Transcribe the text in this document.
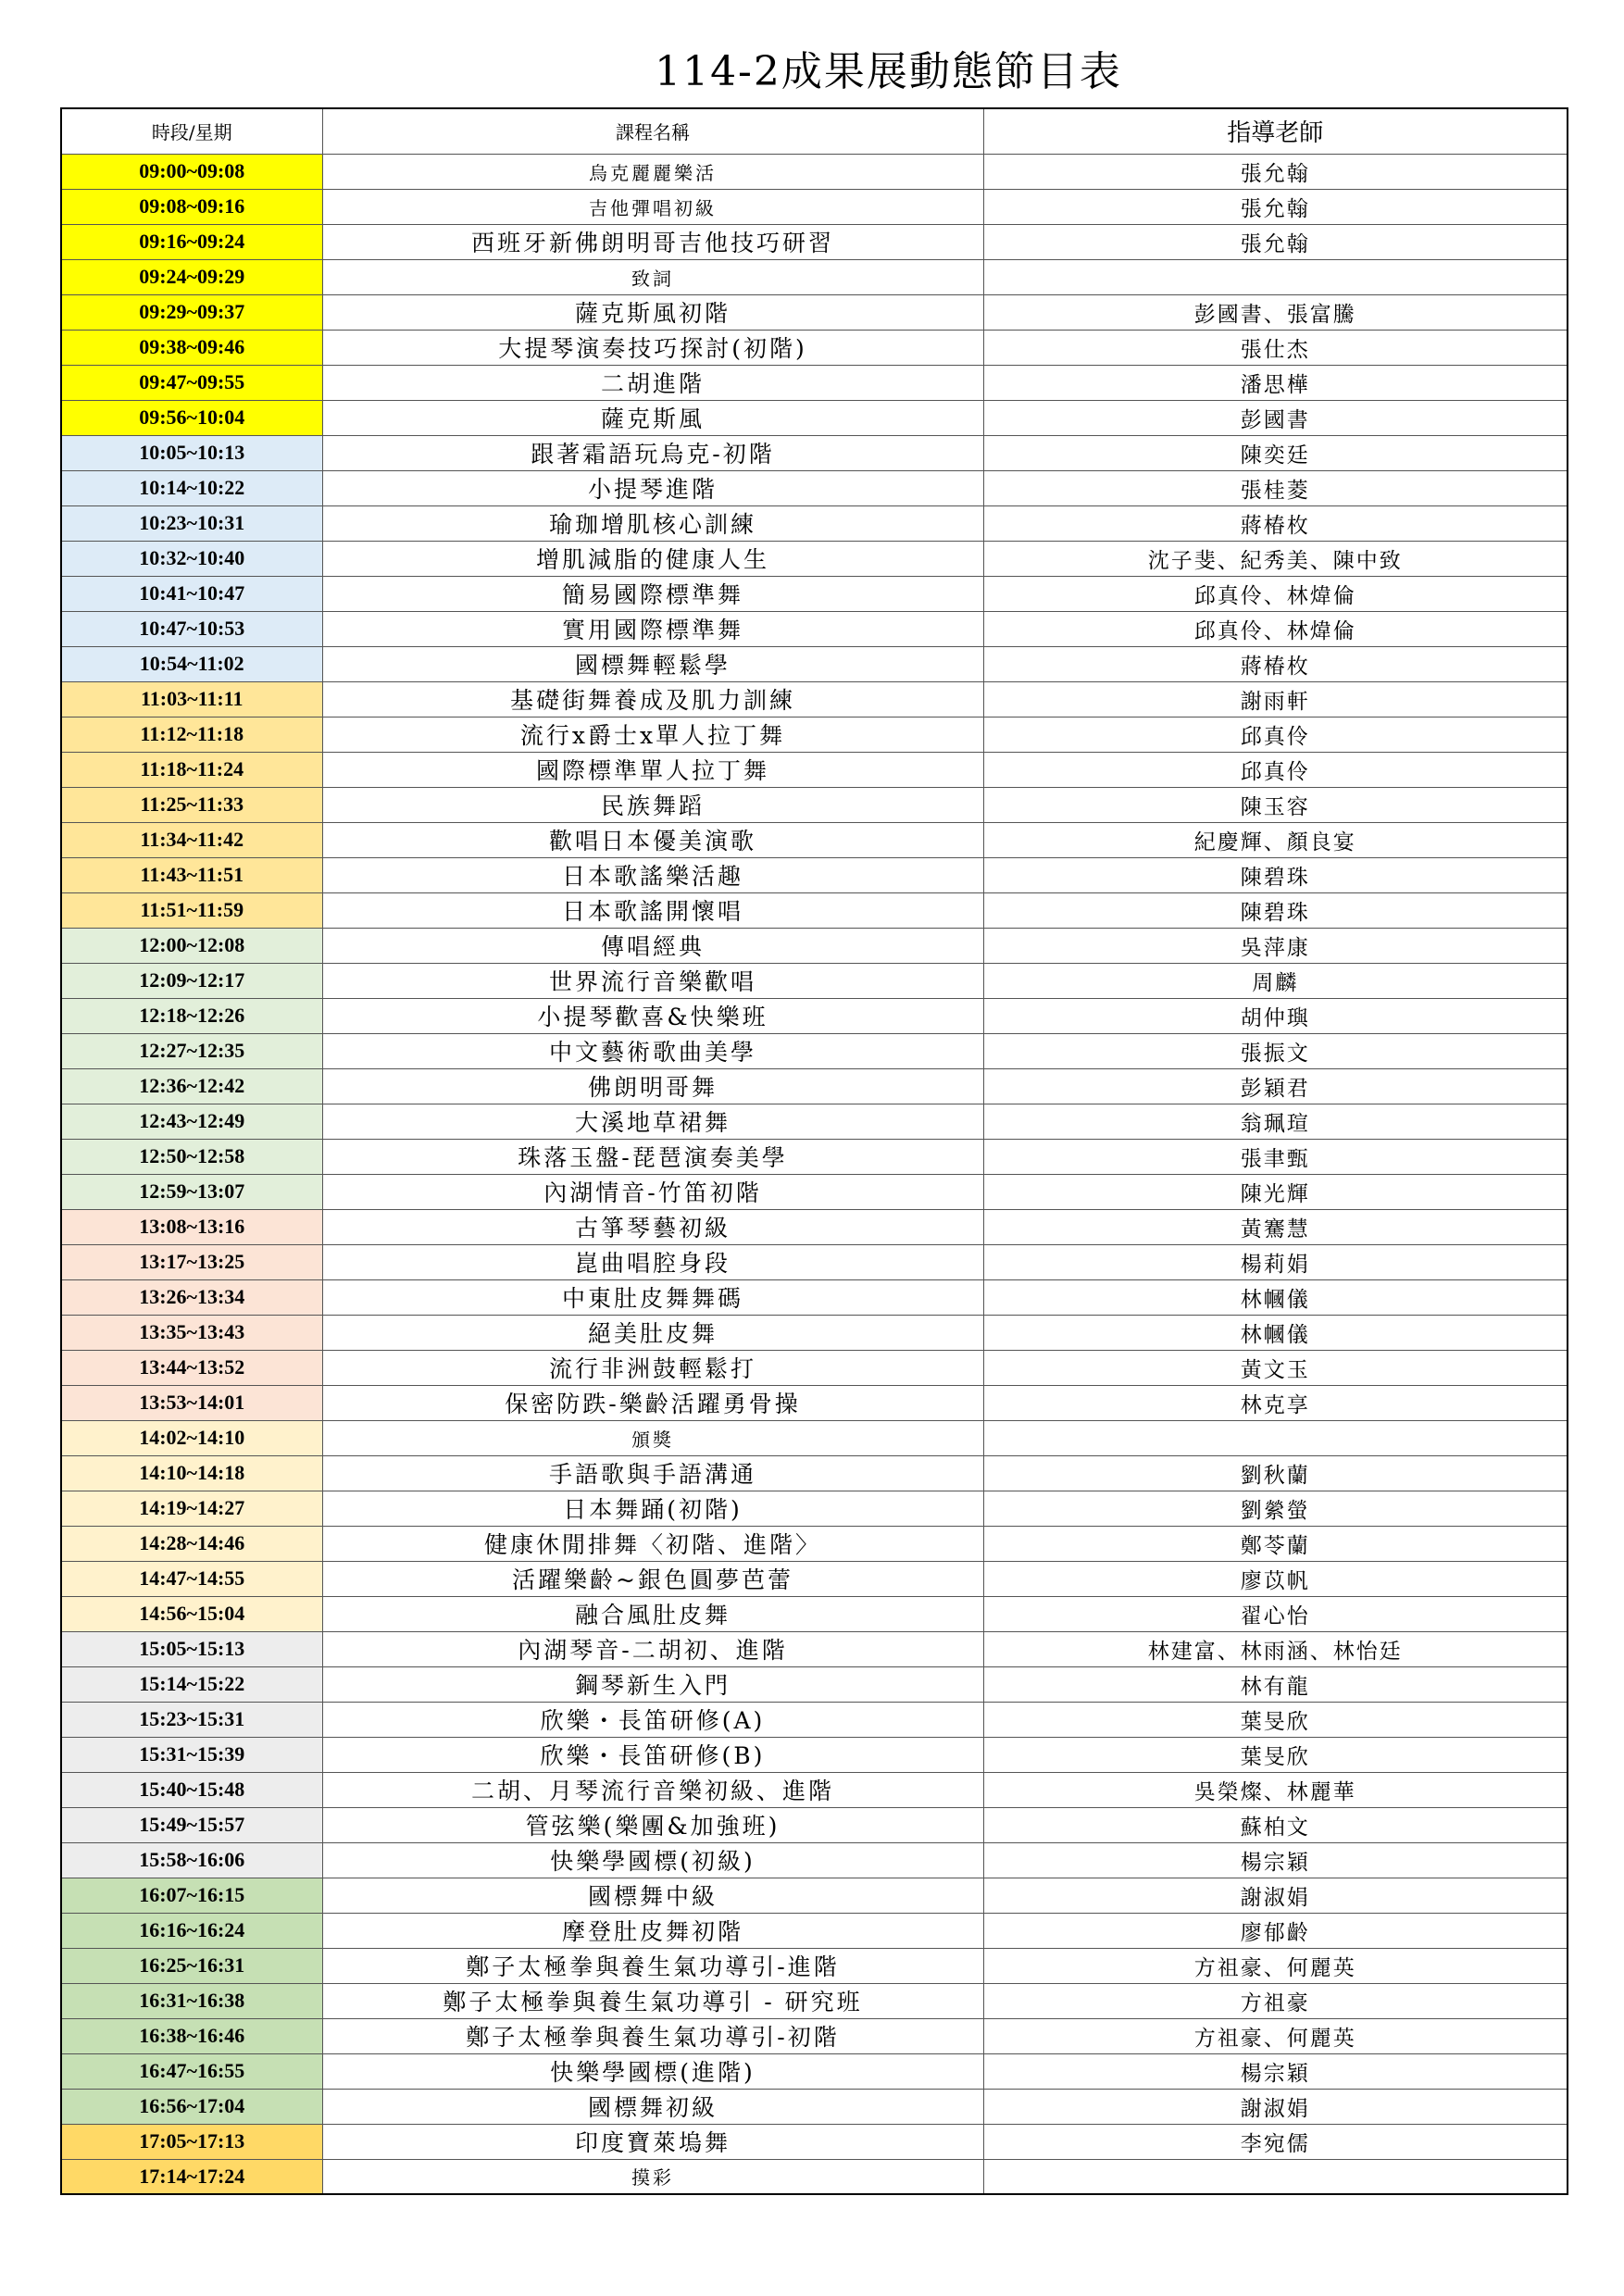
114-2成果展動態節目表
時段/星期	課程名稱	指導老師
09:00~09:08	烏克麗麗樂活	張允翰
09:08~09:16	吉他彈唱初級	張允翰
09:16~09:24	西班牙新佛朗明哥吉他技巧研習	張允翰
09:24~09:29	致詞	
09:29~09:37	薩克斯風初階	彭國書、張富騰
09:38~09:46	大提琴演奏技巧探討(初階)	張仕杰
09:47~09:55	二胡進階	潘思樺
09:56~10:04	薩克斯風	彭國書
10:05~10:13	跟著霜語玩烏克-初階	陳奕廷
10:14~10:22	小提琴進階	張桂菱
10:23~10:31	瑜珈增肌核心訓練	蔣椿枚
10:32~10:40	增肌減脂的健康人生	沈子斐、紀秀美、陳中致
10:41~10:47	簡易國際標準舞	邱真伶、林煒倫
10:47~10:53	實用國際標準舞	邱真伶、林煒倫
10:54~11:02	國標舞輕鬆學	蔣椿枚
11:03~11:11	基礎街舞養成及肌力訓練	謝雨軒
11:12~11:18	流行x爵士x單人拉丁舞	邱真伶
11:18~11:24	國際標準單人拉丁舞	邱真伶
11:25~11:33	民族舞蹈	陳玉容
11:34~11:42	歡唱日本優美演歌	紀慶輝、顏良宴
11:43~11:51	日本歌謠樂活趣	陳碧珠
11:51~11:59	日本歌謠開懷唱	陳碧珠
12:00~12:08	傳唱經典	吳萍康
12:09~12:17	世界流行音樂歡唱	周麟
12:18~12:26	小提琴歡喜&快樂班	胡仲璵
12:27~12:35	中文藝術歌曲美學	張振文
12:36~12:42	佛朗明哥舞	彭穎君
12:43~12:49	大溪地草裙舞	翁珮瑄
12:50~12:58	珠落玉盤-琵琶演奏美學	張聿甄
12:59~13:07	內湖情音-竹笛初階	陳光輝
13:08~13:16	古箏琴藝初級	黃騫慧
13:17~13:25	崑曲唱腔身段	楊莉娟
13:26~13:34	中東肚皮舞舞碼	林幗儀
13:35~13:43	絕美肚皮舞	林幗儀
13:44~13:52	流行非洲鼓輕鬆打	黃文玉
13:53~14:01	保密防跌-樂齡活躍勇骨操	林克享
14:02~14:10	頒獎	
14:10~14:18	手語歌與手語溝通	劉秋蘭
14:19~14:27	日本舞踊(初階)	劉縈螢
14:28~14:46	健康休閒排舞〈初階、進階〉	鄭苓蘭
14:47~14:55	活躍樂齡~銀色圓夢芭蕾	廖苡帆
14:56~15:04	融合風肚皮舞	翟心怡
15:05~15:13	內湖琴音-二胡初、進階	林建富、林雨涵、林怡廷
15:14~15:22	鋼琴新生入門	林有龍
15:23~15:31	欣樂・長笛研修(A)	葉旻欣
15:31~15:39	欣樂・長笛研修(B)	葉旻欣
15:40~15:48	二胡、月琴流行音樂初級、進階	吳榮燦、林麗華
15:49~15:57	管弦樂(樂團&加強班)	蘇柏文
15:58~16:06	快樂學國標(初級)	楊宗穎
16:07~16:15	國標舞中級	謝淑娟
16:16~16:24	摩登肚皮舞初階	廖郁齡
16:25~16:31	鄭子太極拳與養生氣功導引-進階	方祖豪、何麗英
16:31~16:38	鄭子太極拳與養生氣功導引 - 研究班	方祖豪
16:38~16:46	鄭子太極拳與養生氣功導引-初階	方祖豪、何麗英
16:47~16:55	快樂學國標(進階)	楊宗穎
16:56~17:04	國標舞初級	謝淑娟
17:05~17:13	印度寶萊塢舞	李宛儒
17:14~17:24	摸彩	
